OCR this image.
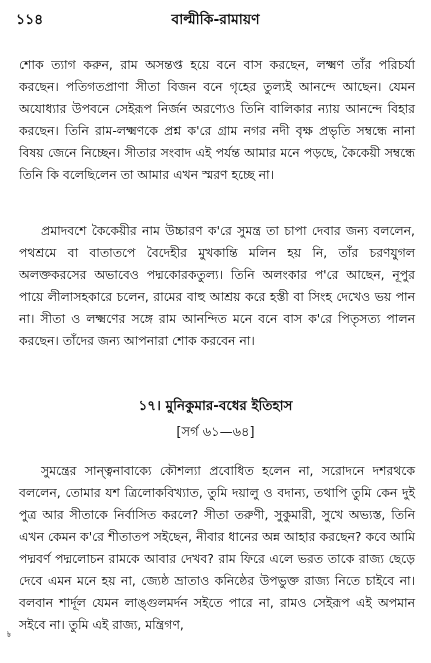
১১৪	বাল্মীকি-রামায়ণ

শোক ত্যাগ করুন, রাম অসন্তপ্ত হয়ে বনে বাস করছেন, লক্ষ্মণ তাঁর পরিচর্যা করছেন। পতিগতপ্রাণা সীতা বিজন বনে গৃহের তুল্যই আনন্দে আছেন। যেমন অযোধ্যার উপবনে সেইরূপ নির্জন অরণ্যেও তিনি বালিকার ন্যায় আনন্দে বিহার করছেন। তিনি রাম-লক্ষ্মণকে প্রশ্ন ক'রে গ্রাম নগর নদী বৃক্ষ প্রভৃতি সম্বন্ধে নানা বিষয় জেনে নিচ্ছেন। সীতার সংবাদ এই পর্যন্ত আমার মনে পড়ছে, কৈকেয়ী সম্বন্ধে তিনি কি বলেছিলেন তা আমার এখন স্মরণ হচ্ছে না।

প্রমাদবশে কৈকেয়ীর নাম উচ্চারণ ক'রে সুমন্ত্র তা চাপা দেবার জন্য বললেন, পথশ্রমে বা বাতাতপে বৈদেহীর মুখকান্তি মলিন হয় নি, তাঁর চরণযুগল অলক্তকরসের অভাবেও পদ্মকোরকতুল্য। তিনি অলংকার প'রে আছেন, নূপুর পায়ে লীলাসহকারে চলেন, রামের বাহু আশ্রয় করে হস্তী বা সিংহ দেখেও ভয় পান না। সীতা ও লক্ষ্মণের সঙ্গে রাম আনন্দিত মনে বনে বাস ক'রে পিতৃসত্য পালন করছেন। তাঁদের জন্য আপনারা শোক করবেন না।

১৭। মুনিকুমার-বধের ইতিহাস
[সর্গ ৬১—৬৪]

সুমন্ত্রের সান্ত্বনাবাক্যে কৌশল্যা প্রবোধিত হলেন না, সরোদনে দশরথকে বললেন, তোমার যশ ত্রিলোকবিখ্যাত, তুমি দয়ালু ও বদান্য, তথাপি তুমি কেন দুই পুত্র আর সীতাকে নির্বাসিত করলে? সীতা তরুণী, সুকুমারী, সুখে অভ্যস্ত, তিনি এখন কেমন ক'রে শীতাতপ সইছেন, নীবার ধানের অন্ন আহার করছেন? কবে আমি পদ্মবর্ণ পদ্মলোচন রামকে আবার দেখব? রাম ফিরে এলে ভরত তাকে রাজ্য ছেড়ে দেবে এমন মনে হয় না, জ্যেষ্ঠ ভ্রাতাও কনিষ্ঠের উপভুক্ত রাজ্য নিতে চাইবে না। বলবান শার্দূল যেমন লাঙ্গুলমর্দন সইতে পারে না, রামও সেইরূপ এই অপমান সইবে না। তুমি এই রাজ্য, মন্ত্রিগণ,

৳
